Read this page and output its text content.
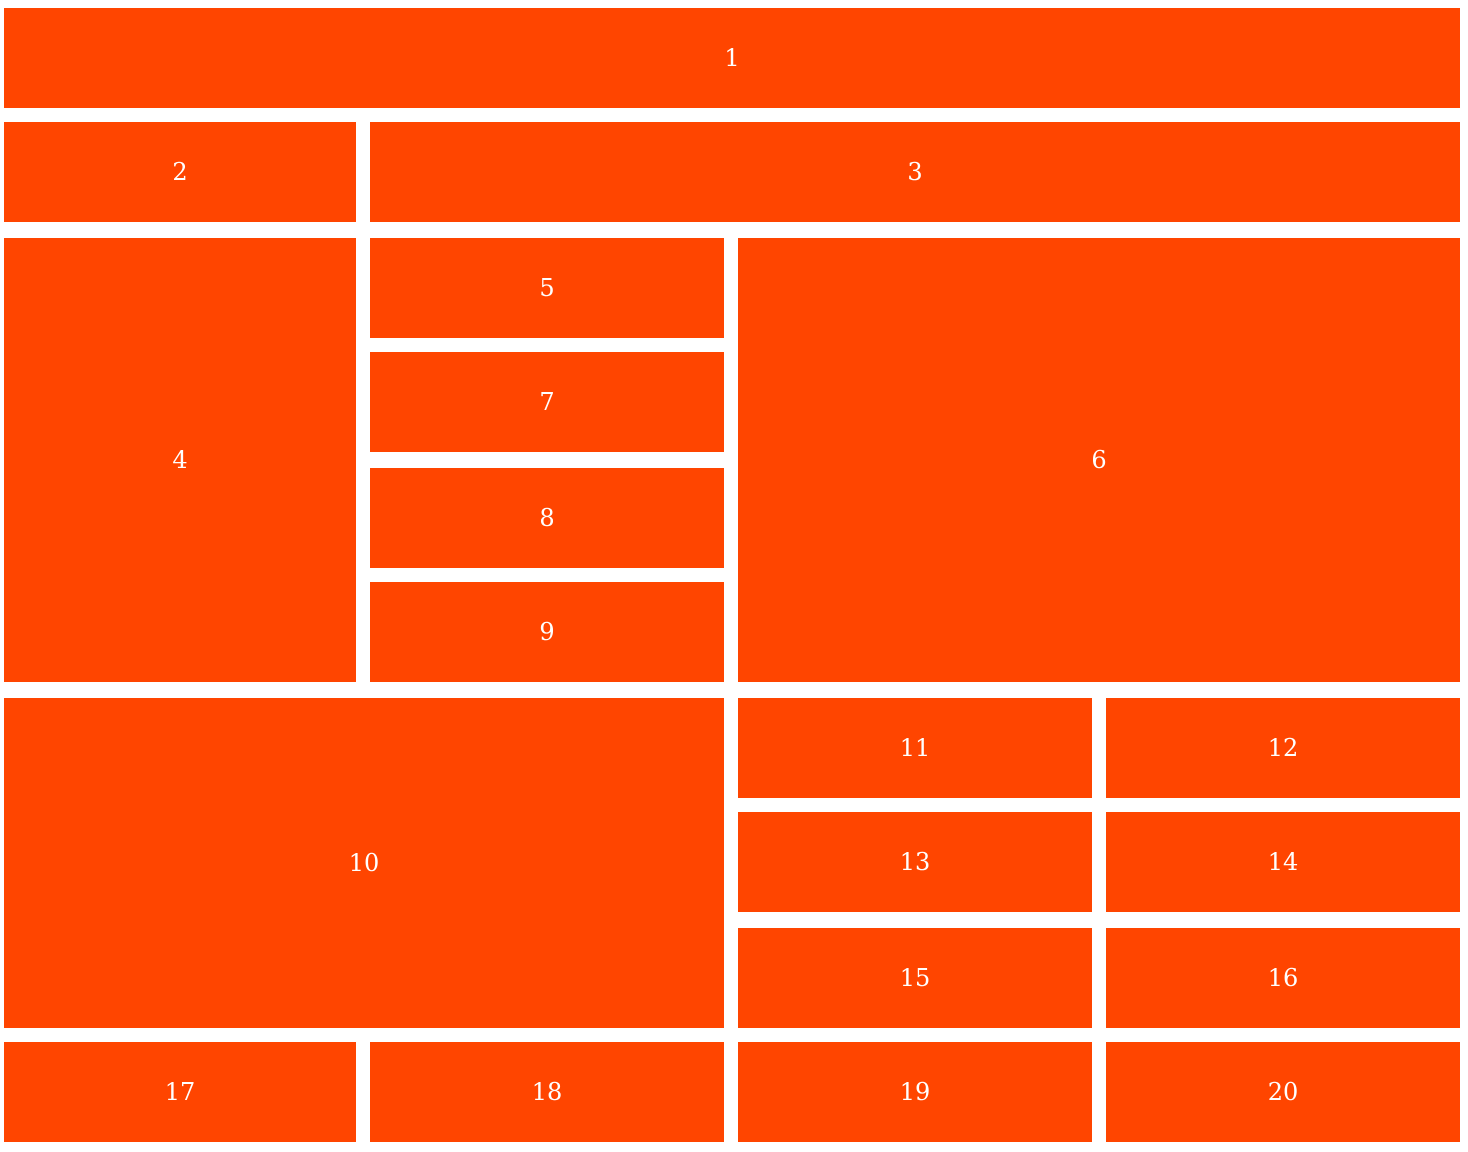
1
2	3
4
5
6
7
8
9
10
11	12
13	14
15	16
17	18	19	20
